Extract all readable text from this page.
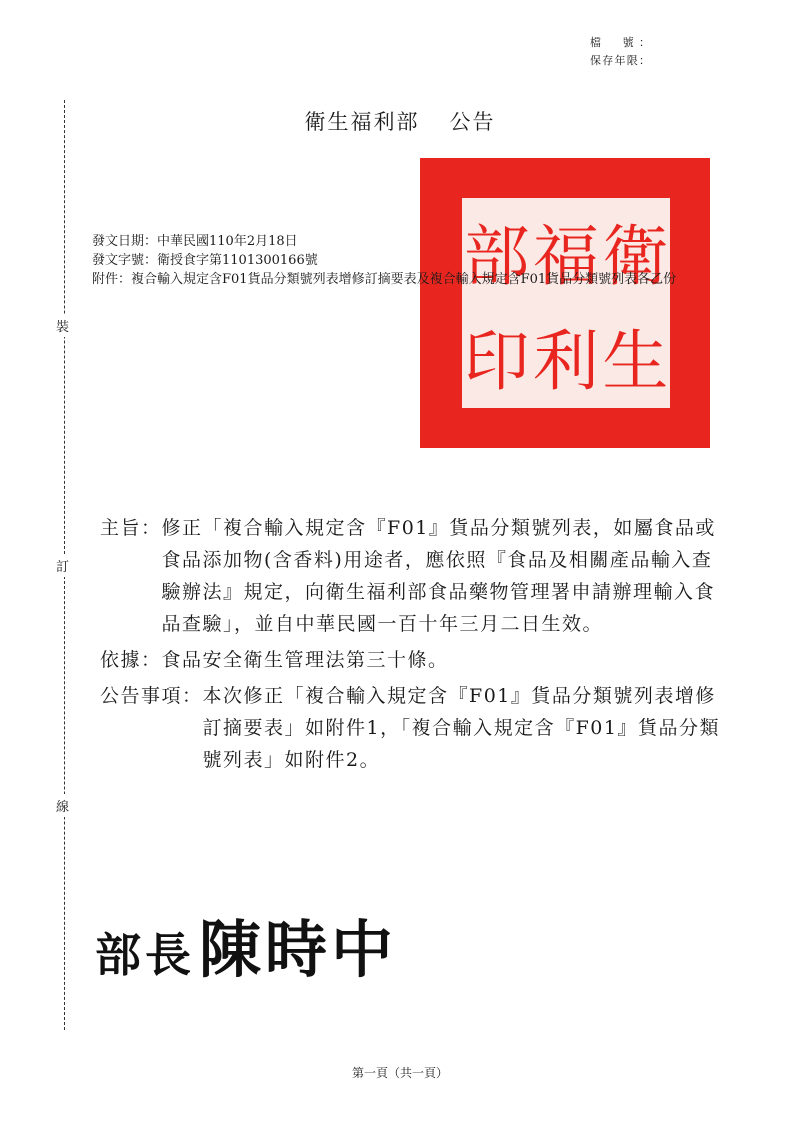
檔　號：
保存年限：
裝
訂
線
衛生福利部 公告
衛
生
福
利
部
印
發文日期： 中華民國110年2月18日
發文字號： 衛授食字第1101300166號
附件： 複合輸入規定含F01貨品分類號列表增修訂摘要表及複合輸入規定含F01貨品分類號列表各乙份
主旨： 修正「複合輸入規定含『F01』貨品分類號列表，如屬食品或食品添加物(含香料)用途者，應依照『食品及相關產品輸入查驗辦法』規定，向衛生福利部食品藥物管理署申請辦理輸入食品查驗」，並自中華民國一百十年三月二日生效。
依據： 食品安全衛生管理法第三十條。
公告事項： 本次修正「複合輸入規定含『F01』貨品分類號列表增修訂摘要表」如附件1，「複合輸入規定含『F01』貨品分類號列表」如附件2。
部長陳時中
第一頁（共一頁）
